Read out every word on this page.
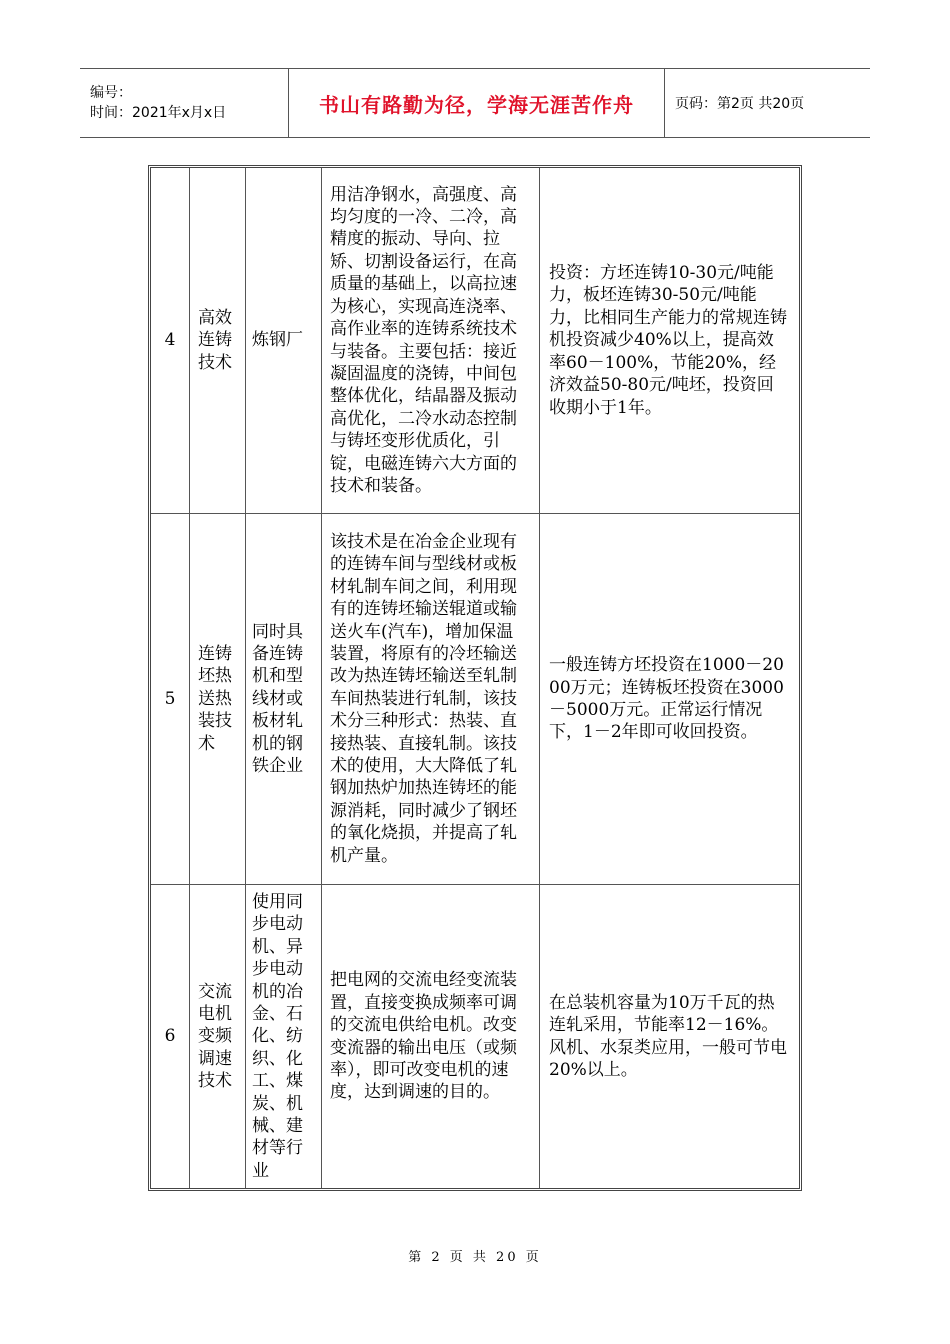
编号：
时间：2021年x月x日	书山有路勤为径，学海无涯苦作舟	页码：第2页 共20页
4	高效连铸技术	炼钢厂	用洁净钢水，高强度、高均匀度的一冷、二冷，高精度的振动、导向、拉矫、切割设备运行，在高质量的基础上，以高拉速为核心，实现高连浇率、高作业率的连铸系统技术与装备。主要包括：接近凝固温度的浇铸，中间包整体优化，结晶器及振动高优化，二冷水动态控制与铸坯变形优质化，引锭，电磁连铸六大方面的技术和装备。	投资：方坯连铸10-30元/吨能力，板坯连铸30-50元/吨能力，比相同生产能力的常规连铸机投资减少40%以上，提高效率60－100%，节能20%，经济效益50-80元/吨坯，投资回收期小于1年。
5	连铸坯热送热装技术	同时具备连铸机和型线材或板材轧机的钢铁企业	该技术是在冶金企业现有的连铸车间与型线材或板材轧制车间之间，利用现有的连铸坯输送辊道或输送火车(汽车)，增加保温装置，将原有的冷坯输送改为热连铸坯输送至轧制车间热装进行轧制，该技术分三种形式：热装、直接热装、直接轧制。该技术的使用，大大降低了轧钢加热炉加热连铸坯的能源消耗，同时减少了钢坯的氧化烧损，并提高了轧机产量。	一般连铸方坯投资在1000－2000万元；连铸板坯投资在3000－5000万元。正常运行情况下，1－2年即可收回投资。
6	交流电机变频调速技术	使用同步电动机、异步电动机的冶金、石化、纺织、化工、煤炭、机械、建材等行业	把电网的交流电经变流装置，直接变换成频率可调的交流电供给电机。改变变流器的输出电压（或频率），即可改变电机的速度，达到调速的目的。	在总装机容量为10万千瓦的热连轧采用，节能率12－16%。风机、水泵类应用，一般可节电20%以上。
第 2 页 共 20 页
